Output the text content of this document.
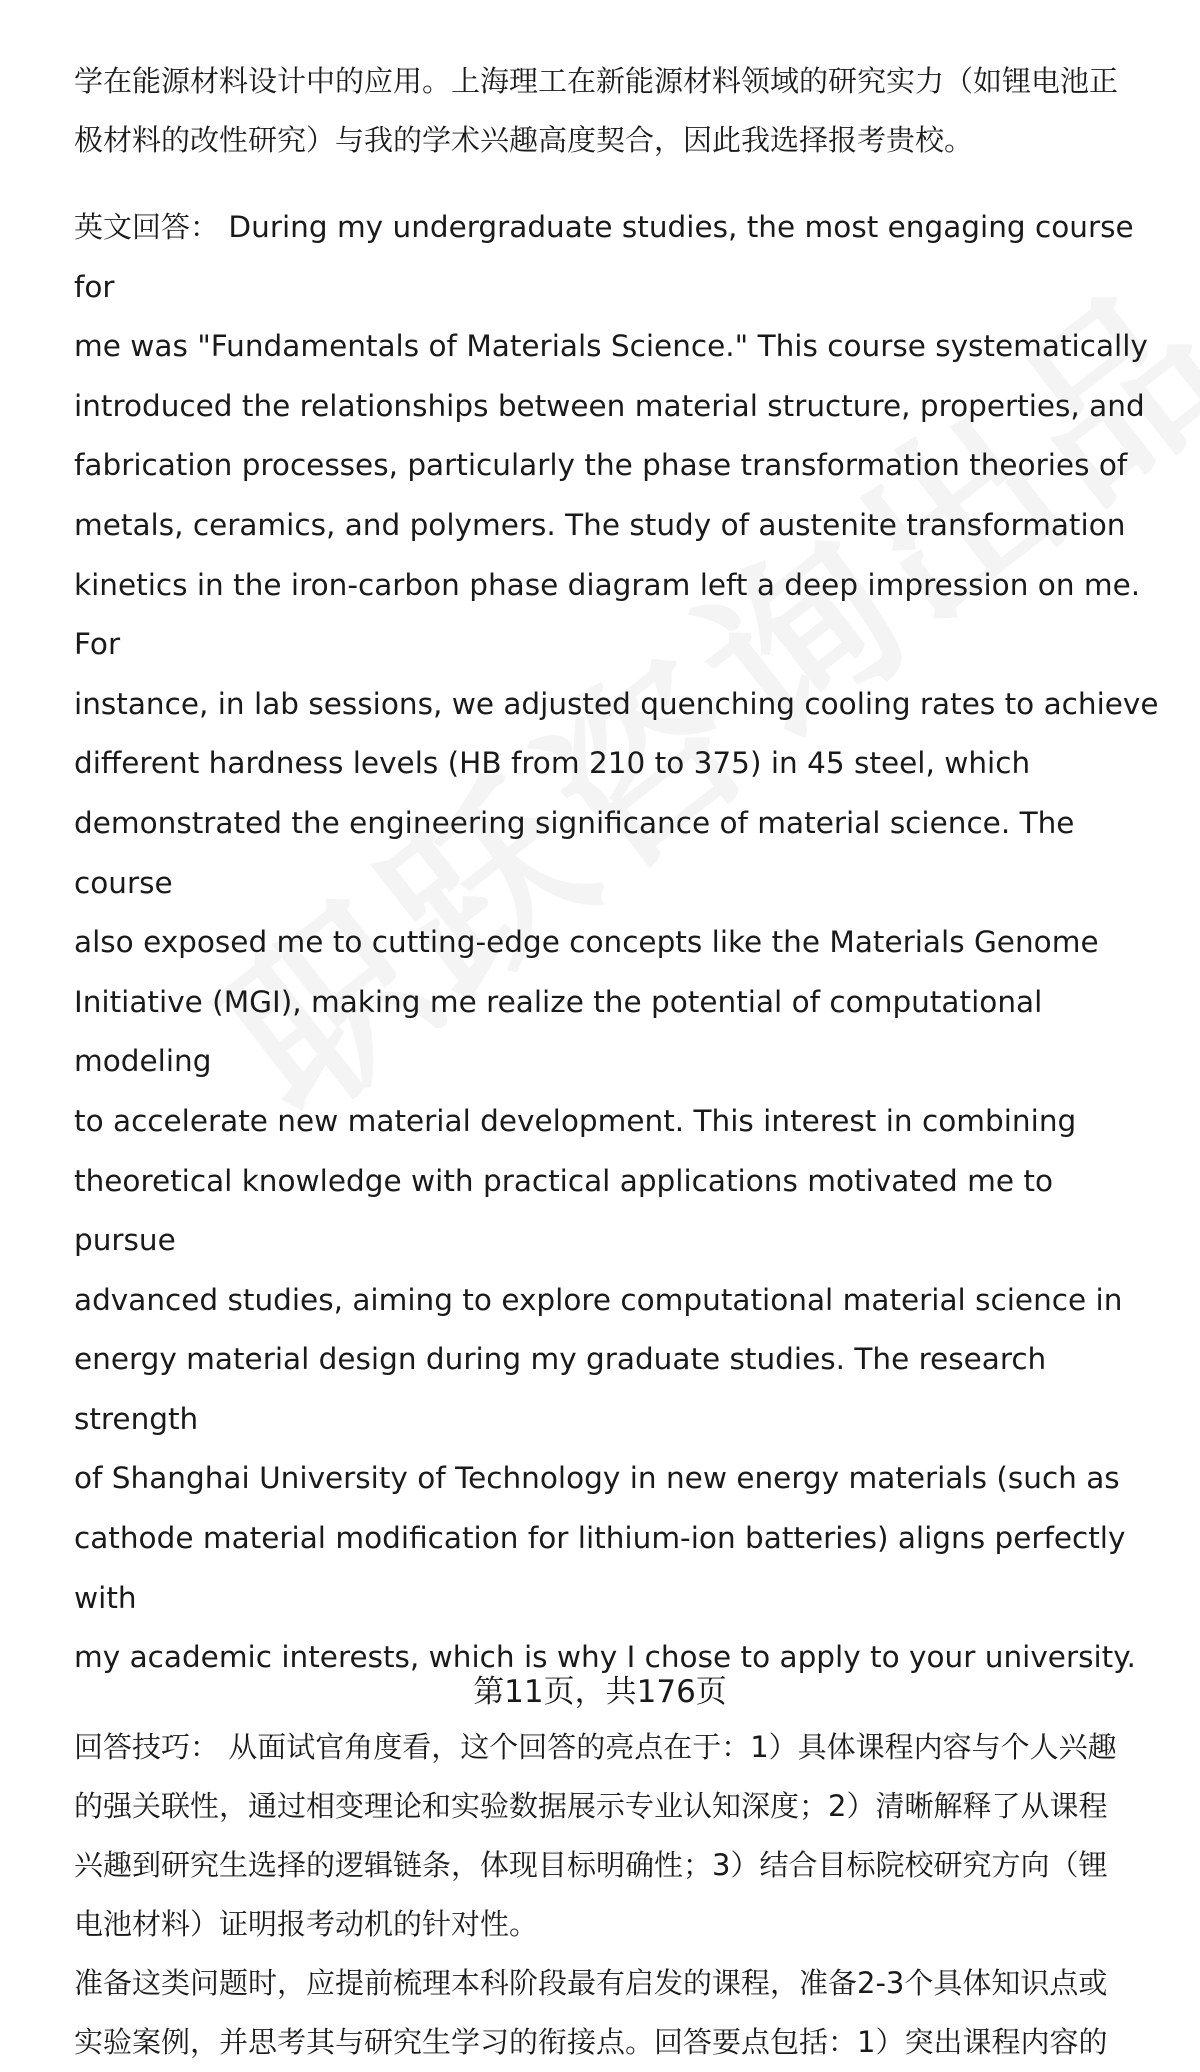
学在能源材料设计中的应用。上海理工在新能源材料领域的研究实力（如锂电池正

极材料的改性研究）与我的学术兴趣高度契合，因此我选择报考贵校。

英文回答： During my undergraduate studies, the most engaging course for

me was "Fundamentals of Materials Science." This course systematically

introduced the relationships between material structure, properties, and

fabrication processes, particularly the phase transformation theories of

metals, ceramics, and polymers. The study of austenite transformation

kinetics in the iron-carbon phase diagram left a deep impression on me. For

instance, in lab sessions, we adjusted quenching cooling rates to achieve

different hardness levels (HB from 210 to 375) in 45 steel, which

demonstrated the engineering significance of material science. The course

also exposed me to cutting-edge concepts like the Materials Genome

Initiative (MGI), making me realize the potential of computational modeling

to accelerate new material development. This interest in combining

theoretical knowledge with practical applications motivated me to pursue

advanced studies, aiming to explore computational material science in

energy material design during my graduate studies. The research strength

of Shanghai University of Technology in new energy materials (such as

cathode material modification for lithium-ion batteries) aligns perfectly with

my academic interests, which is why I chose to apply to your university.

回答技巧： 从面试官角度看，这个回答的亮点在于：1）具体课程内容与个人兴趣

的强关联性，通过相变理论和实验数据展示专业认知深度；2）清晰解释了从课程

兴趣到研究生选择的逻辑链条，体现目标明确性；3）结合目标院校研究方向（锂

电池材料）证明报考动机的针对性。

准备这类问题时，应提前梳理本科阶段最有启发的课程，准备2-3个具体知识点或

实验案例，并思考其与研究生学习的衔接点。回答要点包括：1）突出课程内容的

第11页，共176页
